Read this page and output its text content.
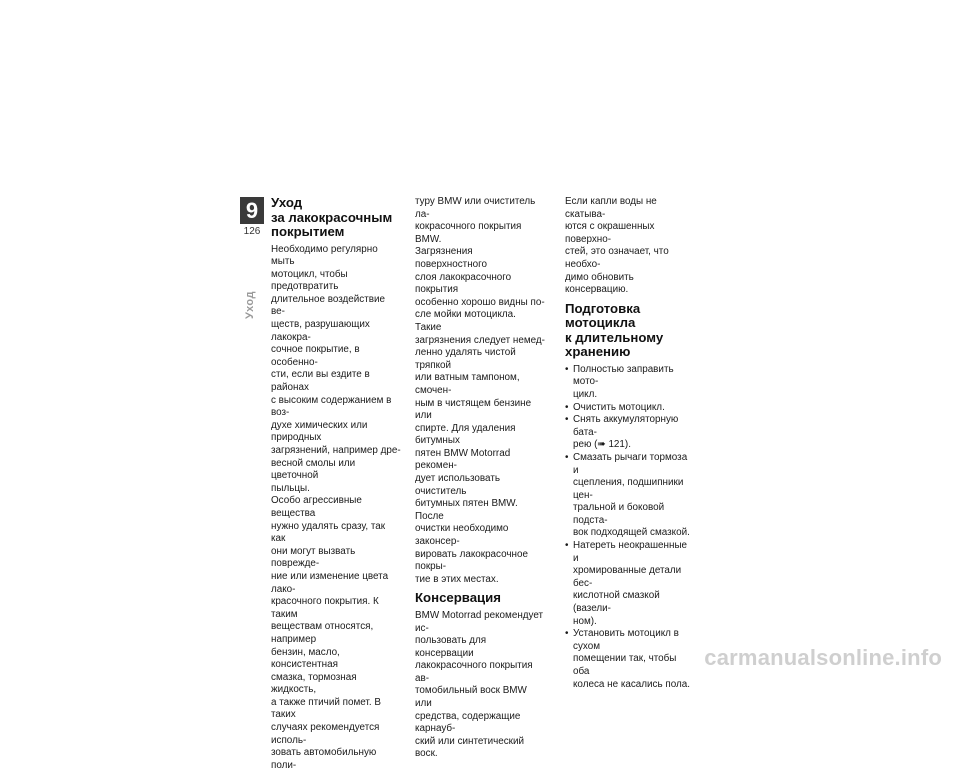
9
126
Уход
Уход
за лакокрасочным
покрытием

Необходимо регулярно мыть
мотоцикл, чтобы предотвратить
длительное воздействие ве-
ществ, разрушающих лакокра-
сочное покрытие, в особенно-
сти, если вы ездите в районах
с высоким содержанием в воз-
духе химических или природных
загрязнений, например дре-
весной смолы или цветочной
пыльцы.

Особо агрессивные вещества
нужно удалять сразу, так как
они могут вызвать поврежде-
ние или изменение цвета лако-
красочного покрытия. К таким
веществам относятся, например
бензин, масло, консистентная
смазка, тормозная жидкость,
а также птичий помет. В таких
случаях рекомендуется исполь-
зовать автомобильную поли-

туру BMW или очиститель ла-
кокрасочного покрытия BMW.
Загрязнения поверхностного
слоя лакокрасочного покрытия
особенно хорошо видны по-
сле мойки мотоцикла. Такие
загрязнения следует немед-
ленно удалять чистой тряпкой
или ватным тампоном, смочен-
ным в чистящем бензине или
спирте. Для удаления битумных
пятен BMW Motorrad рекомен-
дует использовать очиститель
битумных пятен BMW. После
очистки необходимо законсер-
вировать лакокрасочное покры-
тие в этих местах.

Консервация

BMW Motorrad рекомендует ис-
пользовать для консервации
лакокрасочного покрытия ав-
томобильный воск BMW или
средства, содержащие карнауб-
ский или синтетический воск.

Если капли воды не скатыва-
ются с окрашенных поверхно-
стей, это означает, что необхо-
димо обновить консервацию.

Подготовка мотоцикла
к длительному
хранению
• Полностью заправить мото-
цикл.
• Очистить мотоцикл.
• Снять аккумуляторную бата-
рею (➠ 121).
• Смазать рычаги тормоза и
сцепления, подшипники цен-
тральной и боковой подста-
вок подходящей смазкой.
• Натереть неокрашенные и
хромированные детали бес-
кислотной смазкой (вазели-
ном).
• Установить мотоцикл в сухом
помещении так, чтобы оба
колеса не касались пола.
carmanualsonline.info
